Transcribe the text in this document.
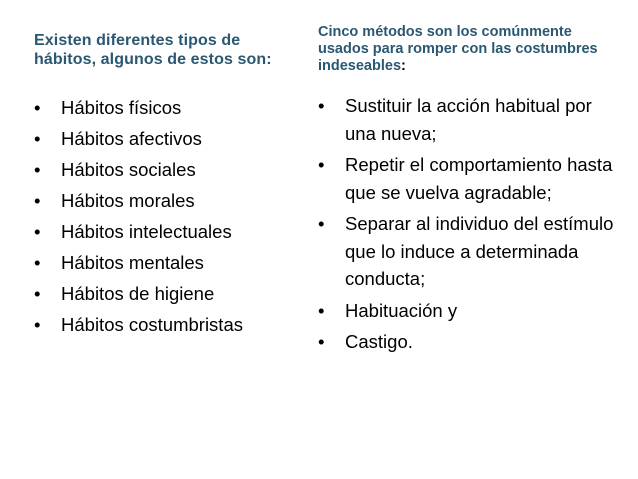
Existen diferentes tipos de hábitos, algunos de estos son:

•
Hábitos físicos
•
Hábitos afectivos
•
Hábitos sociales
•
Hábitos morales
•
Hábitos intelectuales
•
Hábitos mentales
•
Hábitos de higiene
•
Hábitos costumbristas

Cinco métodos son los comúnmente usados para romper con las costumbres indeseables:

•
Sustituir la acción habitual por una nueva;
•
Repetir el comportamiento hasta que se vuelva agradable;
•
Separar al individuo del estímulo que lo induce a determinada conducta;
•
Habituación y
•
Castigo.
